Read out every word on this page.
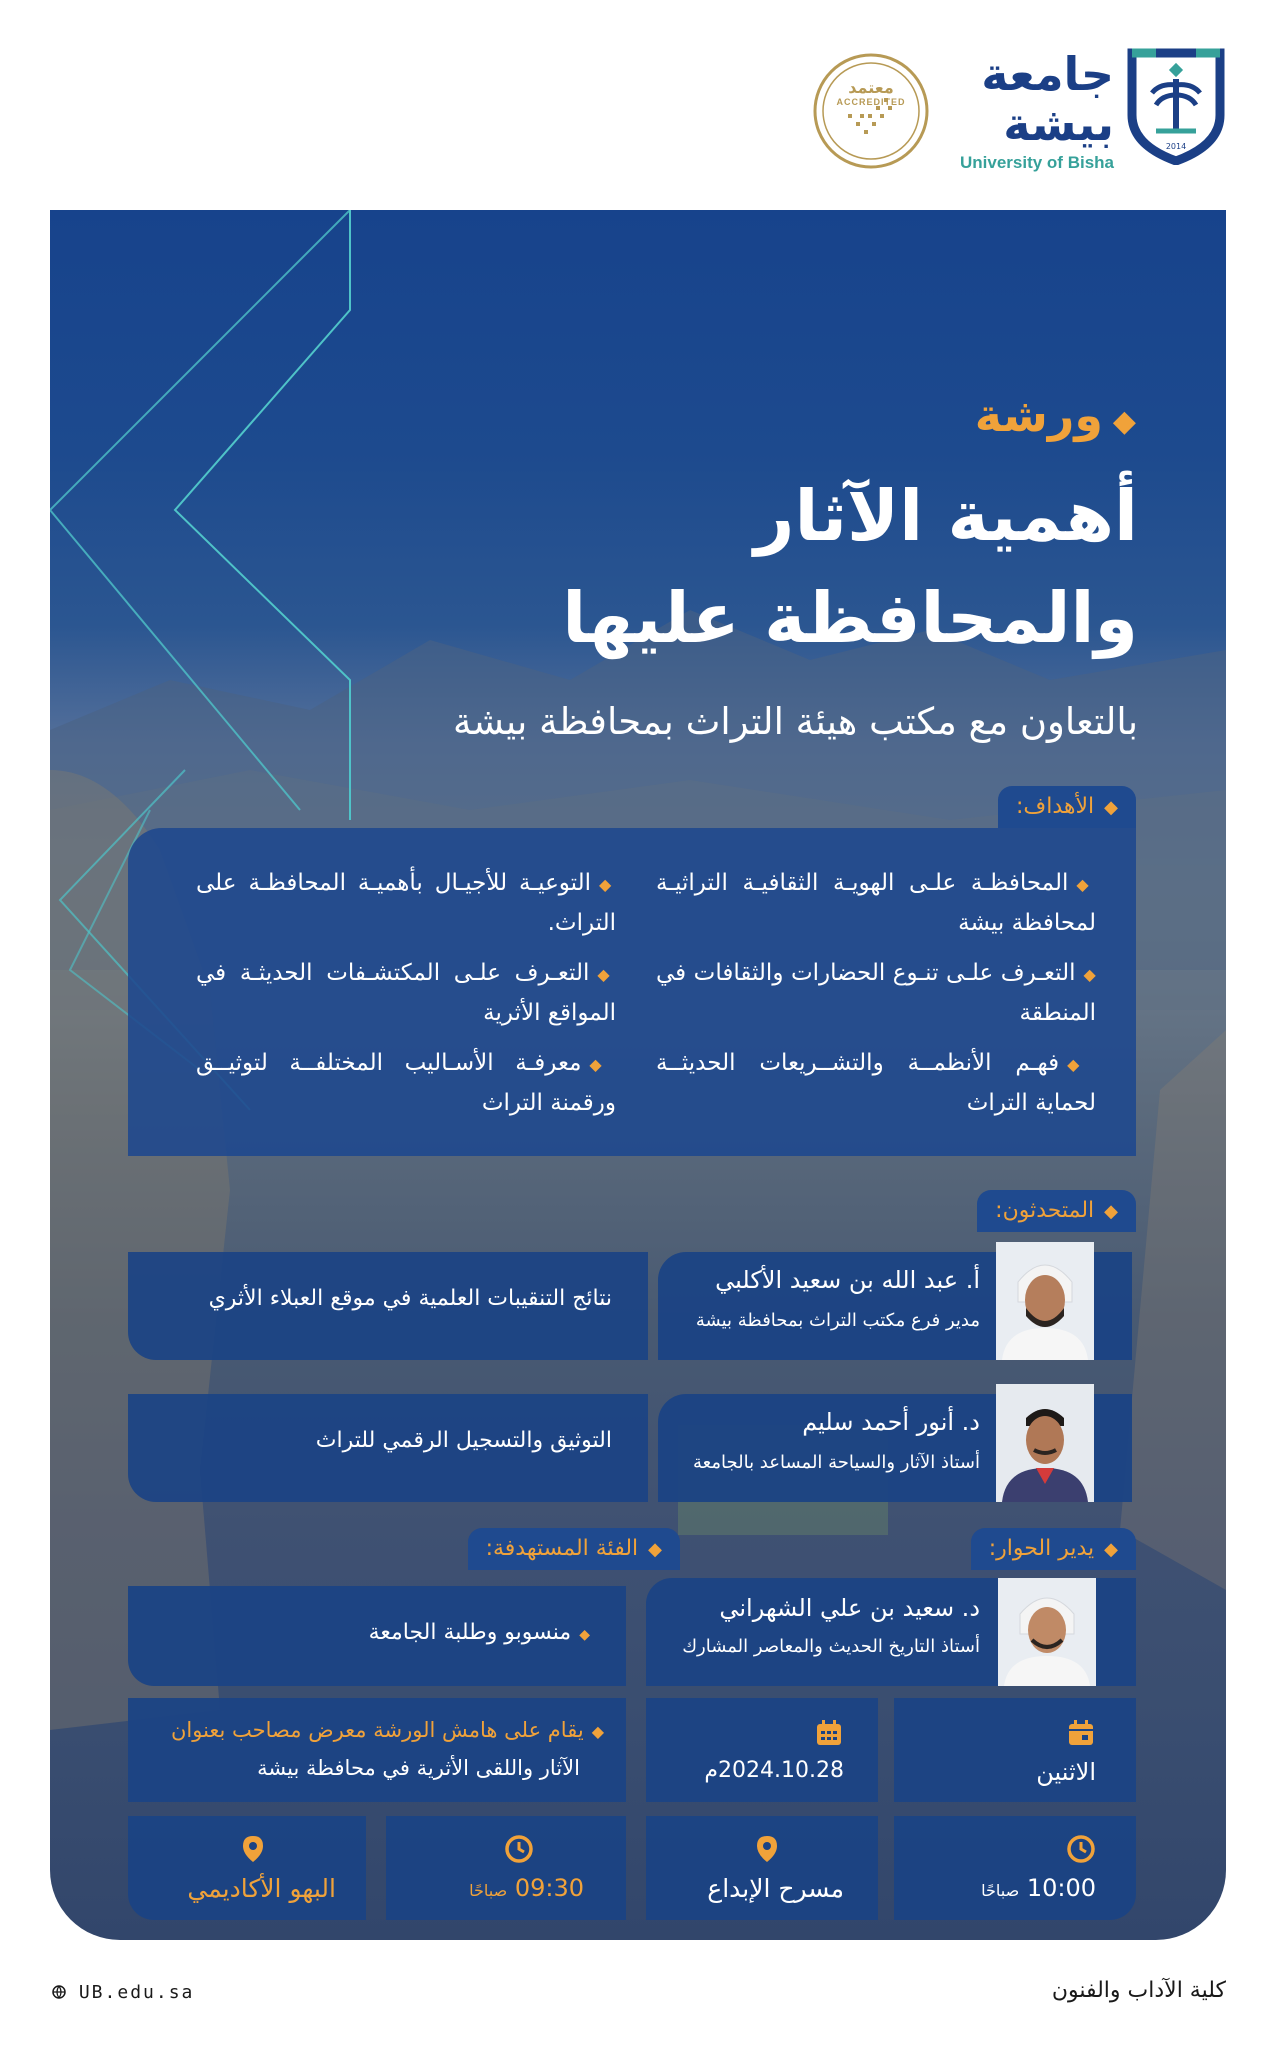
2014
جامعة بيشة
University of Bisha
معتمد
ACCREDITED
◆ورشة
أهمية الآثار والمحافظة عليها
بالتعاون مع مكتب هيئة التراث بمحافظة بيشة
◆الأهداف:
◆المحافظـة علـى الهويـة الثقافيـة التراثيـة لمحافظة بيشة
◆التوعيـة للأجيـال بأهميـة المحافظـة على التراث.
◆التعـرف علـى تنـوع الحضارات والثقافات في المنطقة
◆التعـرف علـى المكتشـفات الحديثـة في المواقع الأثرية
◆فهـم الأنظمــة والتشــريعات الحديثــة لحماية التراث
◆معرفـة الأسـاليب المختلفــة لتوثيــق ورقمنة التراث
◆المتحدثون:
نتائج التنقيبات العلمية في موقع العبلاء الأثري
أ. عبد الله بن سعيد الأكلبي
مدير فرع مكتب التراث بمحافظة بيشة
التوثيق والتسجيل الرقمي للتراث
د. أنور أحمد سليم
أستاذ الآثار والسياحة المساعد بالجامعة
◆يدير الحوار:
◆الفئة المستهدفة:
◆منسوبو وطلبة الجامعة
د. سعيد بن علي الشهراني
أستاذ التاريخ الحديث والمعاصر المشارك
◆يقام على هامش الورشة معرض مصاحب بعنوان
الآثار واللقى الأثرية في محافظة بيشة	2024.10.28م	الاثنين
البهو الأكاديمي	09:30 صباحًا	مسرح الإبداع	10:00 صباحًا
كلية الآداب والفنون
UB.edu.sa
